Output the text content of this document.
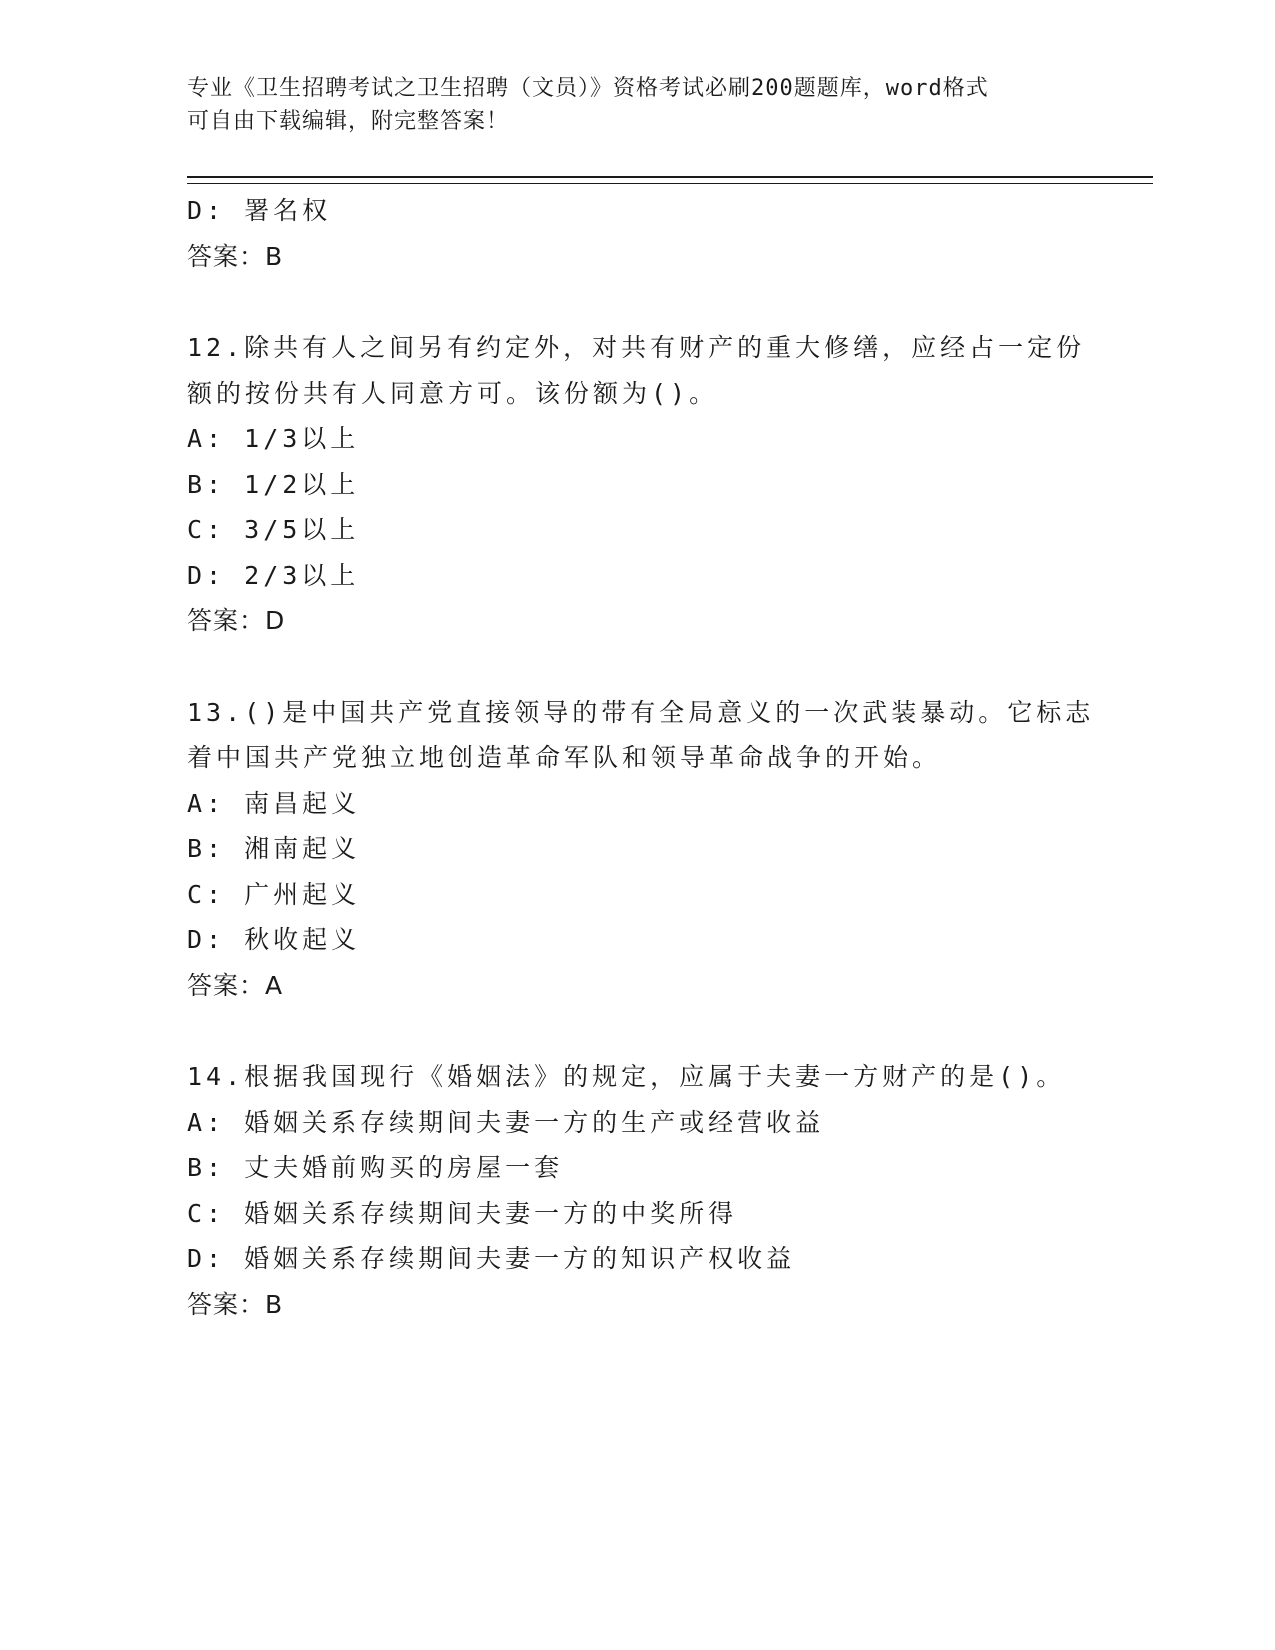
专业《卫生招聘考试之卫生招聘（文员）》资格考试必刷200题题库，word格式
可自由下载编辑，附完整答案！
D: 署名权
答案：B
12.除共有人之间另有约定外，对共有财产的重大修缮，应经占一定份
额的按份共有人同意方可。该份额为()。
A: 1/3以上
B: 1/2以上
C: 3/5以上
D: 2/3以上
答案：D
13.()是中国共产党直接领导的带有全局意义的一次武装暴动。它标志
着中国共产党独立地创造革命军队和领导革命战争的开始。
A: 南昌起义
B: 湘南起义
C: 广州起义
D: 秋收起义
答案：A
14.根据我国现行《婚姻法》的规定，应属于夫妻一方财产的是()。
A: 婚姻关系存续期间夫妻一方的生产或经营收益
B: 丈夫婚前购买的房屋一套
C: 婚姻关系存续期间夫妻一方的中奖所得
D: 婚姻关系存续期间夫妻一方的知识产权收益
答案：B
